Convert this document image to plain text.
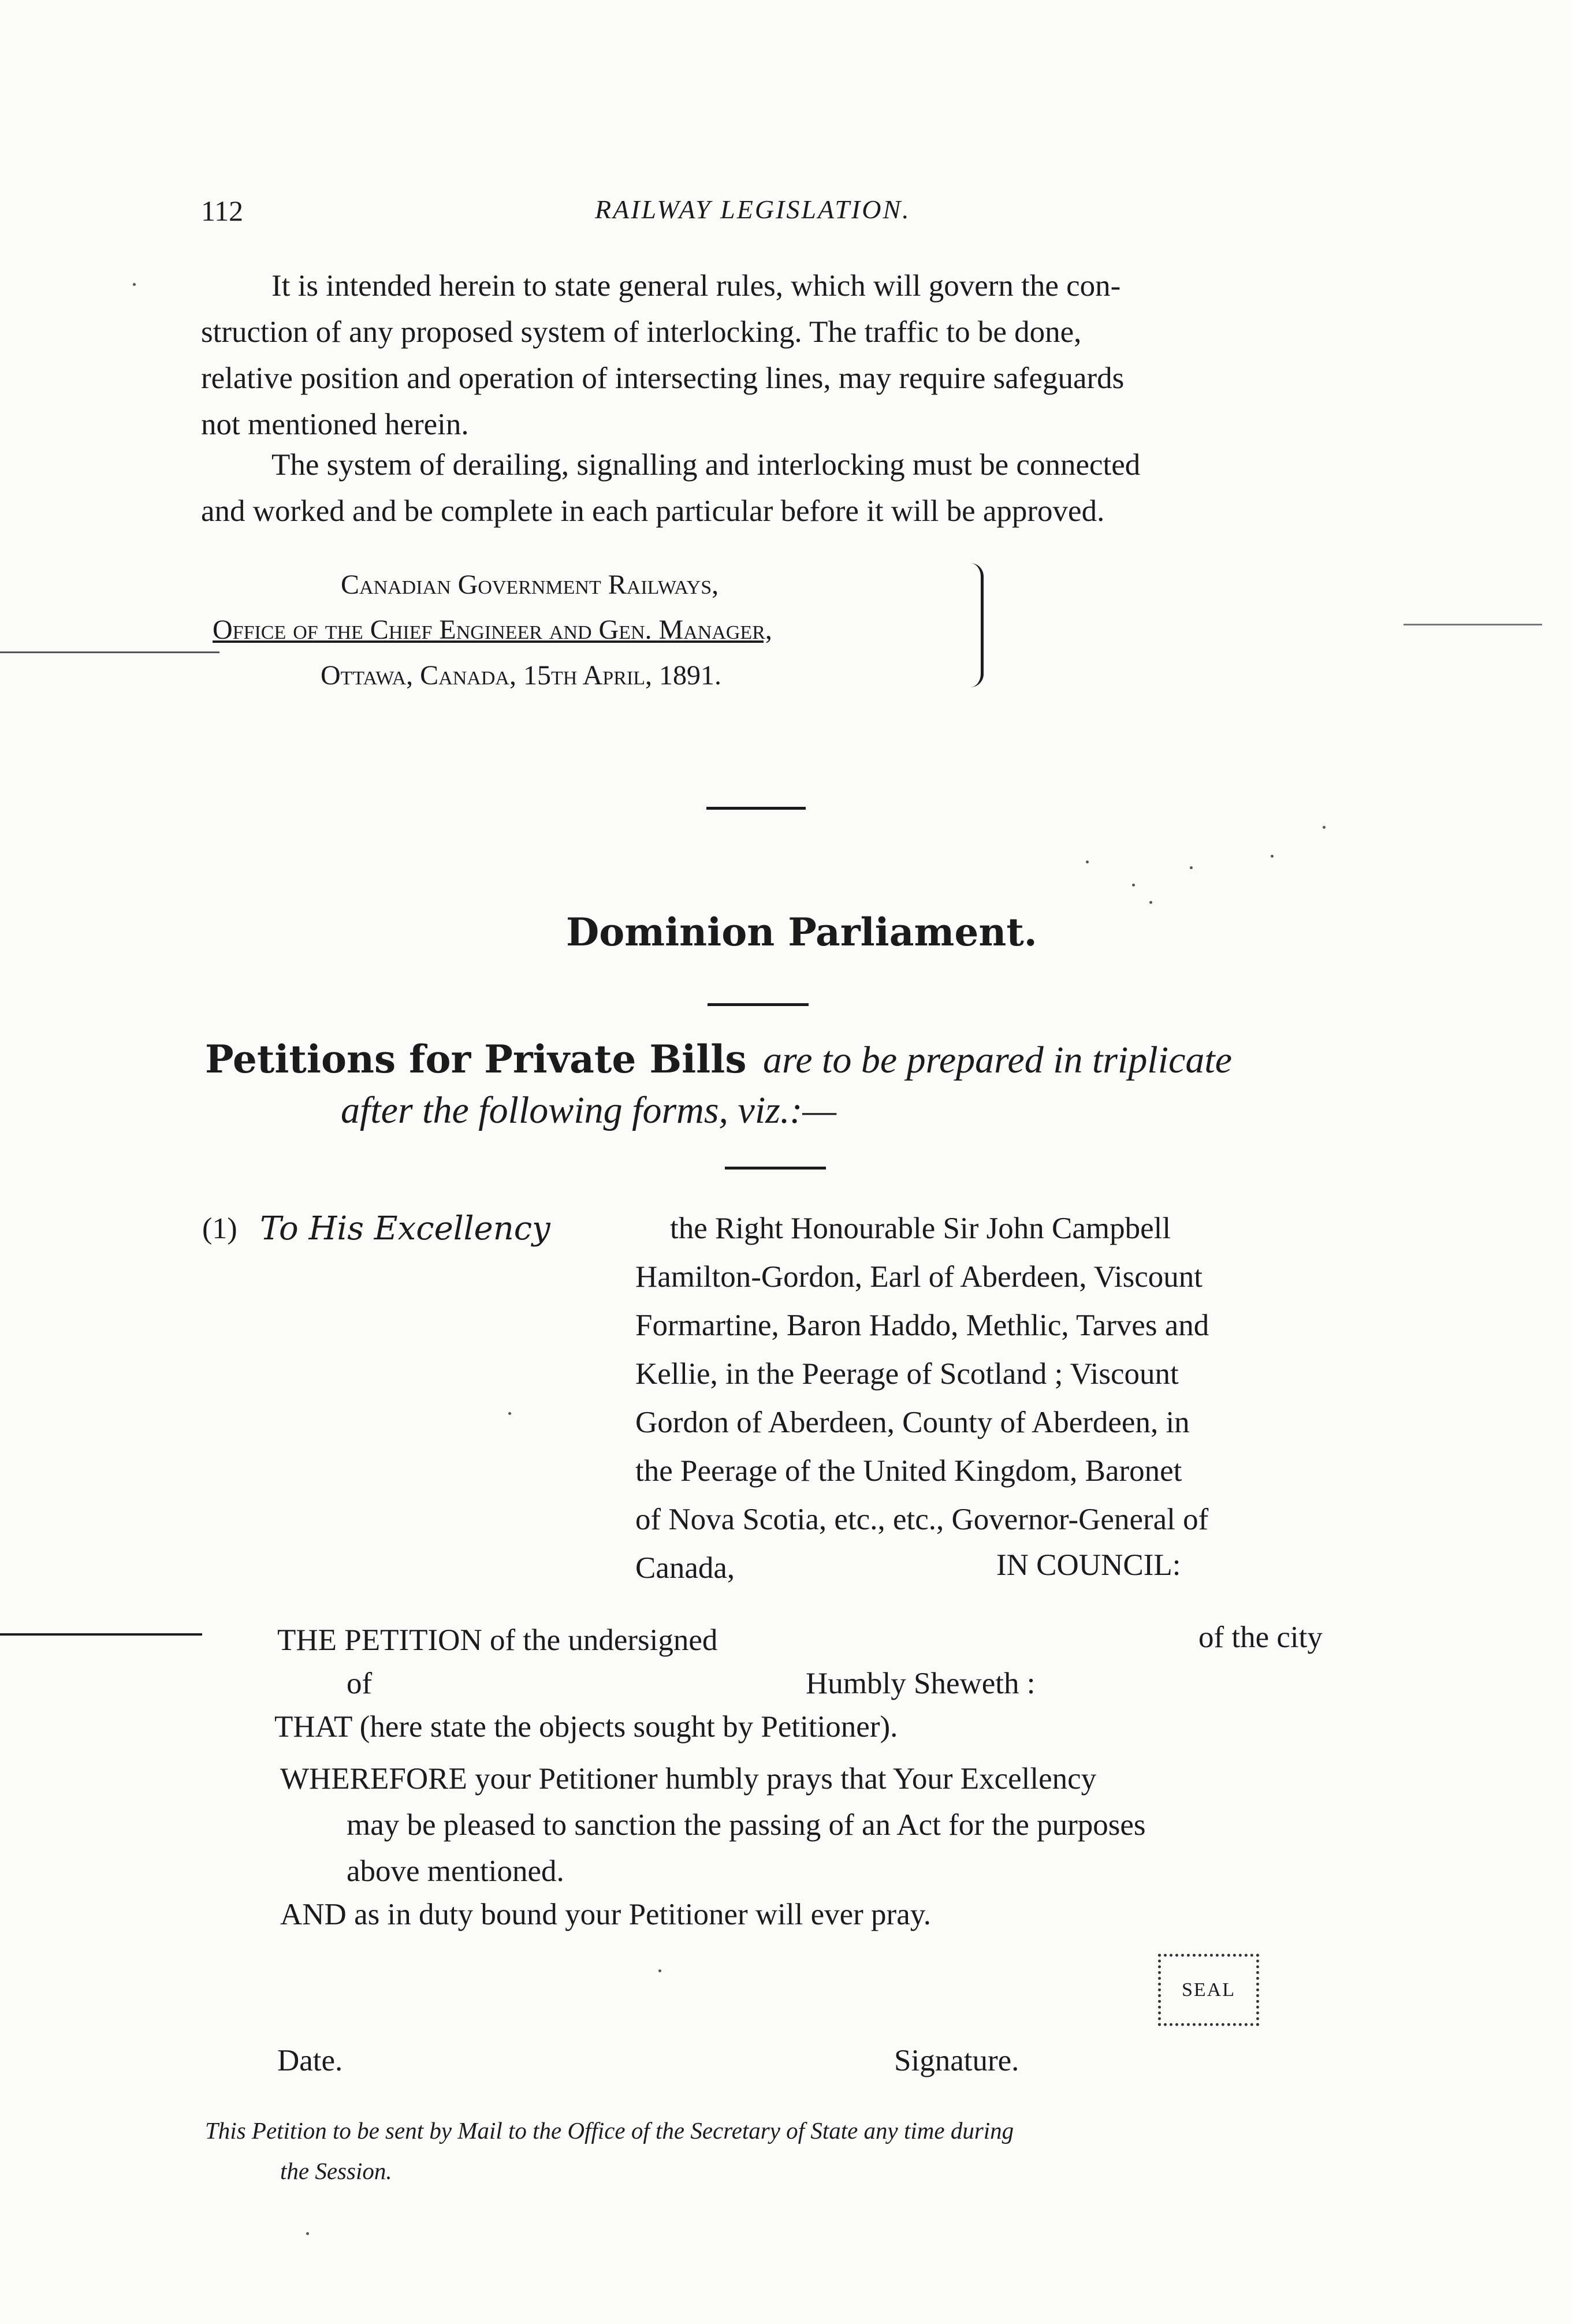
112	RAILWAY LEGISLATION.
It is intended herein to state general rules, which will govern the con-
struction of any proposed system of interlocking. The traffic to be done,
relative position and operation of intersecting lines, may require safeguards
not mentioned herein.
The system of derailing, signalling and interlocking must be connected
and worked and be complete in each particular before it will be approved.
Canadian Government Railways,
Office of the Chief Engineer and Gen. Manager,
Ottawa, Canada, 15th April, 1891.
Dominion Parliament.
Petitions for Private Bills are to be prepared in triplicate
after the following forms, viz.:—
(1) To His Excellency	the Right Honourable Sir John Campbell
Hamilton-Gordon, Earl of Aberdeen, Viscount
Formartine, Baron Haddo, Methlic, Tarves and
Kellie, in the Peerage of Scotland ; Viscount
Gordon of Aberdeen, County of Aberdeen, in
the Peerage of the United Kingdom, Baronet
of Nova Scotia, etc., etc., Governor-General of
Canada,	IN COUNCIL:
THE PETITION of the undersigned	of the city
of	Humbly Sheweth :
THAT (here state the objects sought by Petitioner).
WHEREFORE your Petitioner humbly prays that Your Excellency
may be pleased to sanction the passing of an Act for the purposes
above mentioned.
AND as in duty bound your Petitioner will ever pray.
SEAL
Date.	Signature.
This Petition to be sent by Mail to the Office of the Secretary of State any time during
the Session.
